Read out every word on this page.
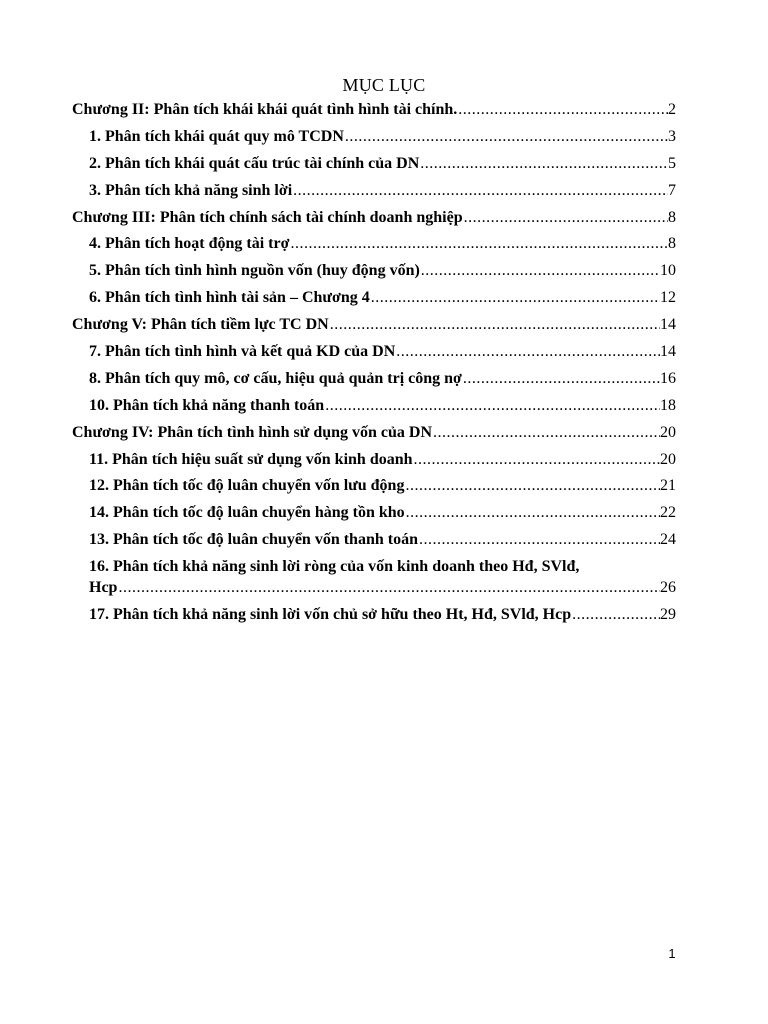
MỤC LỤC
Chương II: Phân tích khái khái quát tình hình tài chính. .....	2
1. Phân tích khái quát quy mô TCDN .....	3
2. Phân tích khái quát cấu trúc tài chính của DN .....	5
3. Phân tích khả năng sinh lời .....	7
Chương III: Phân tích chính sách tài chính doanh nghiệp .....	8
4. Phân tích hoạt động tài trợ .....	8
5. Phân tích tình hình nguồn vốn (huy động vốn) .....	10
6. Phân tích tình hình tài sản – Chương 4 .....	12
Chương V: Phân tích tiềm lực TC DN .....	14
7. Phân tích tình hình và kết quả KD của DN .....	14
8. Phân tích quy mô, cơ cấu, hiệu quả quản trị công nợ .....	16
10. Phân tích khả năng thanh toán .....	18
Chương IV: Phân tích tình hình sử dụng vốn của DN .....	20
11. Phân tích hiệu suất sử dụng vốn kinh doanh .....	20
12. Phân tích tốc độ luân chuyển vốn lưu động .....	21
14. Phân tích tốc độ luân chuyển hàng tồn kho .....	22
13. Phân tích tốc độ luân chuyển vốn thanh toán .....	24
16. Phân tích khả năng sinh lời ròng của vốn kinh doanh theo Hđ, SVlđ,
Hcp .....	26
17. Phân tích khả năng sinh lời vốn chủ sở hữu theo Ht, Hđ, SVlđ, Hcp .....	29
1
